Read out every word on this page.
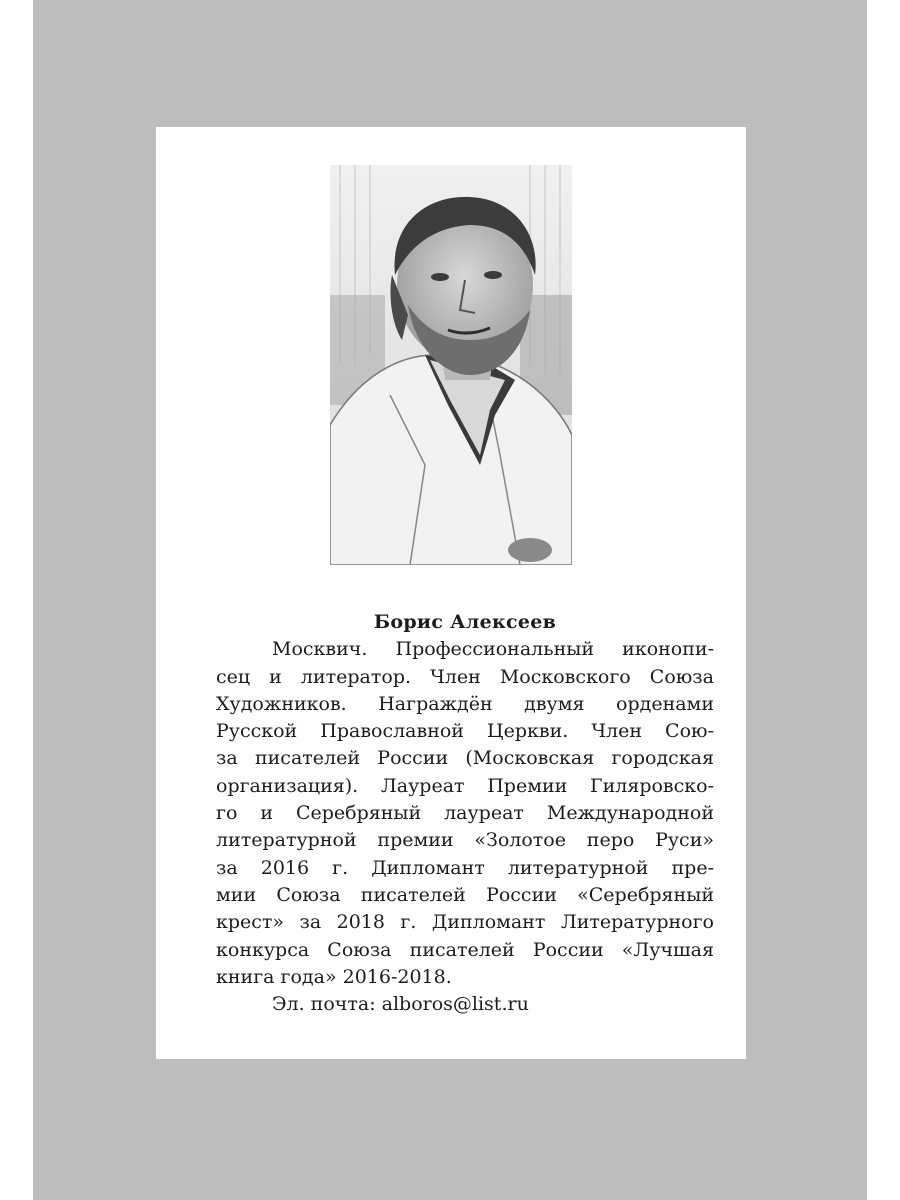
Борис Алексеев

Москвич. Профессиональный иконопи-
сец и литератор. Член Московского Союза
Художников. Награждён двумя орденами
Русской Православной Церкви. Член Сою-
за писателей России (Московская городская
организация). Лауреат Премии Гиляровско-
го и Серебряный лауреат Международной
литературной премии «Золотое перо Руси»
за 2016 г. Дипломант литературной пре-
мии Союза писателей России «Серебряный
крест» за 2018 г. Дипломант Литературного
конкурса Союза писателей России «Лучшая
книга года» 2016-2018.

Эл. почта: alboros@list.ru
